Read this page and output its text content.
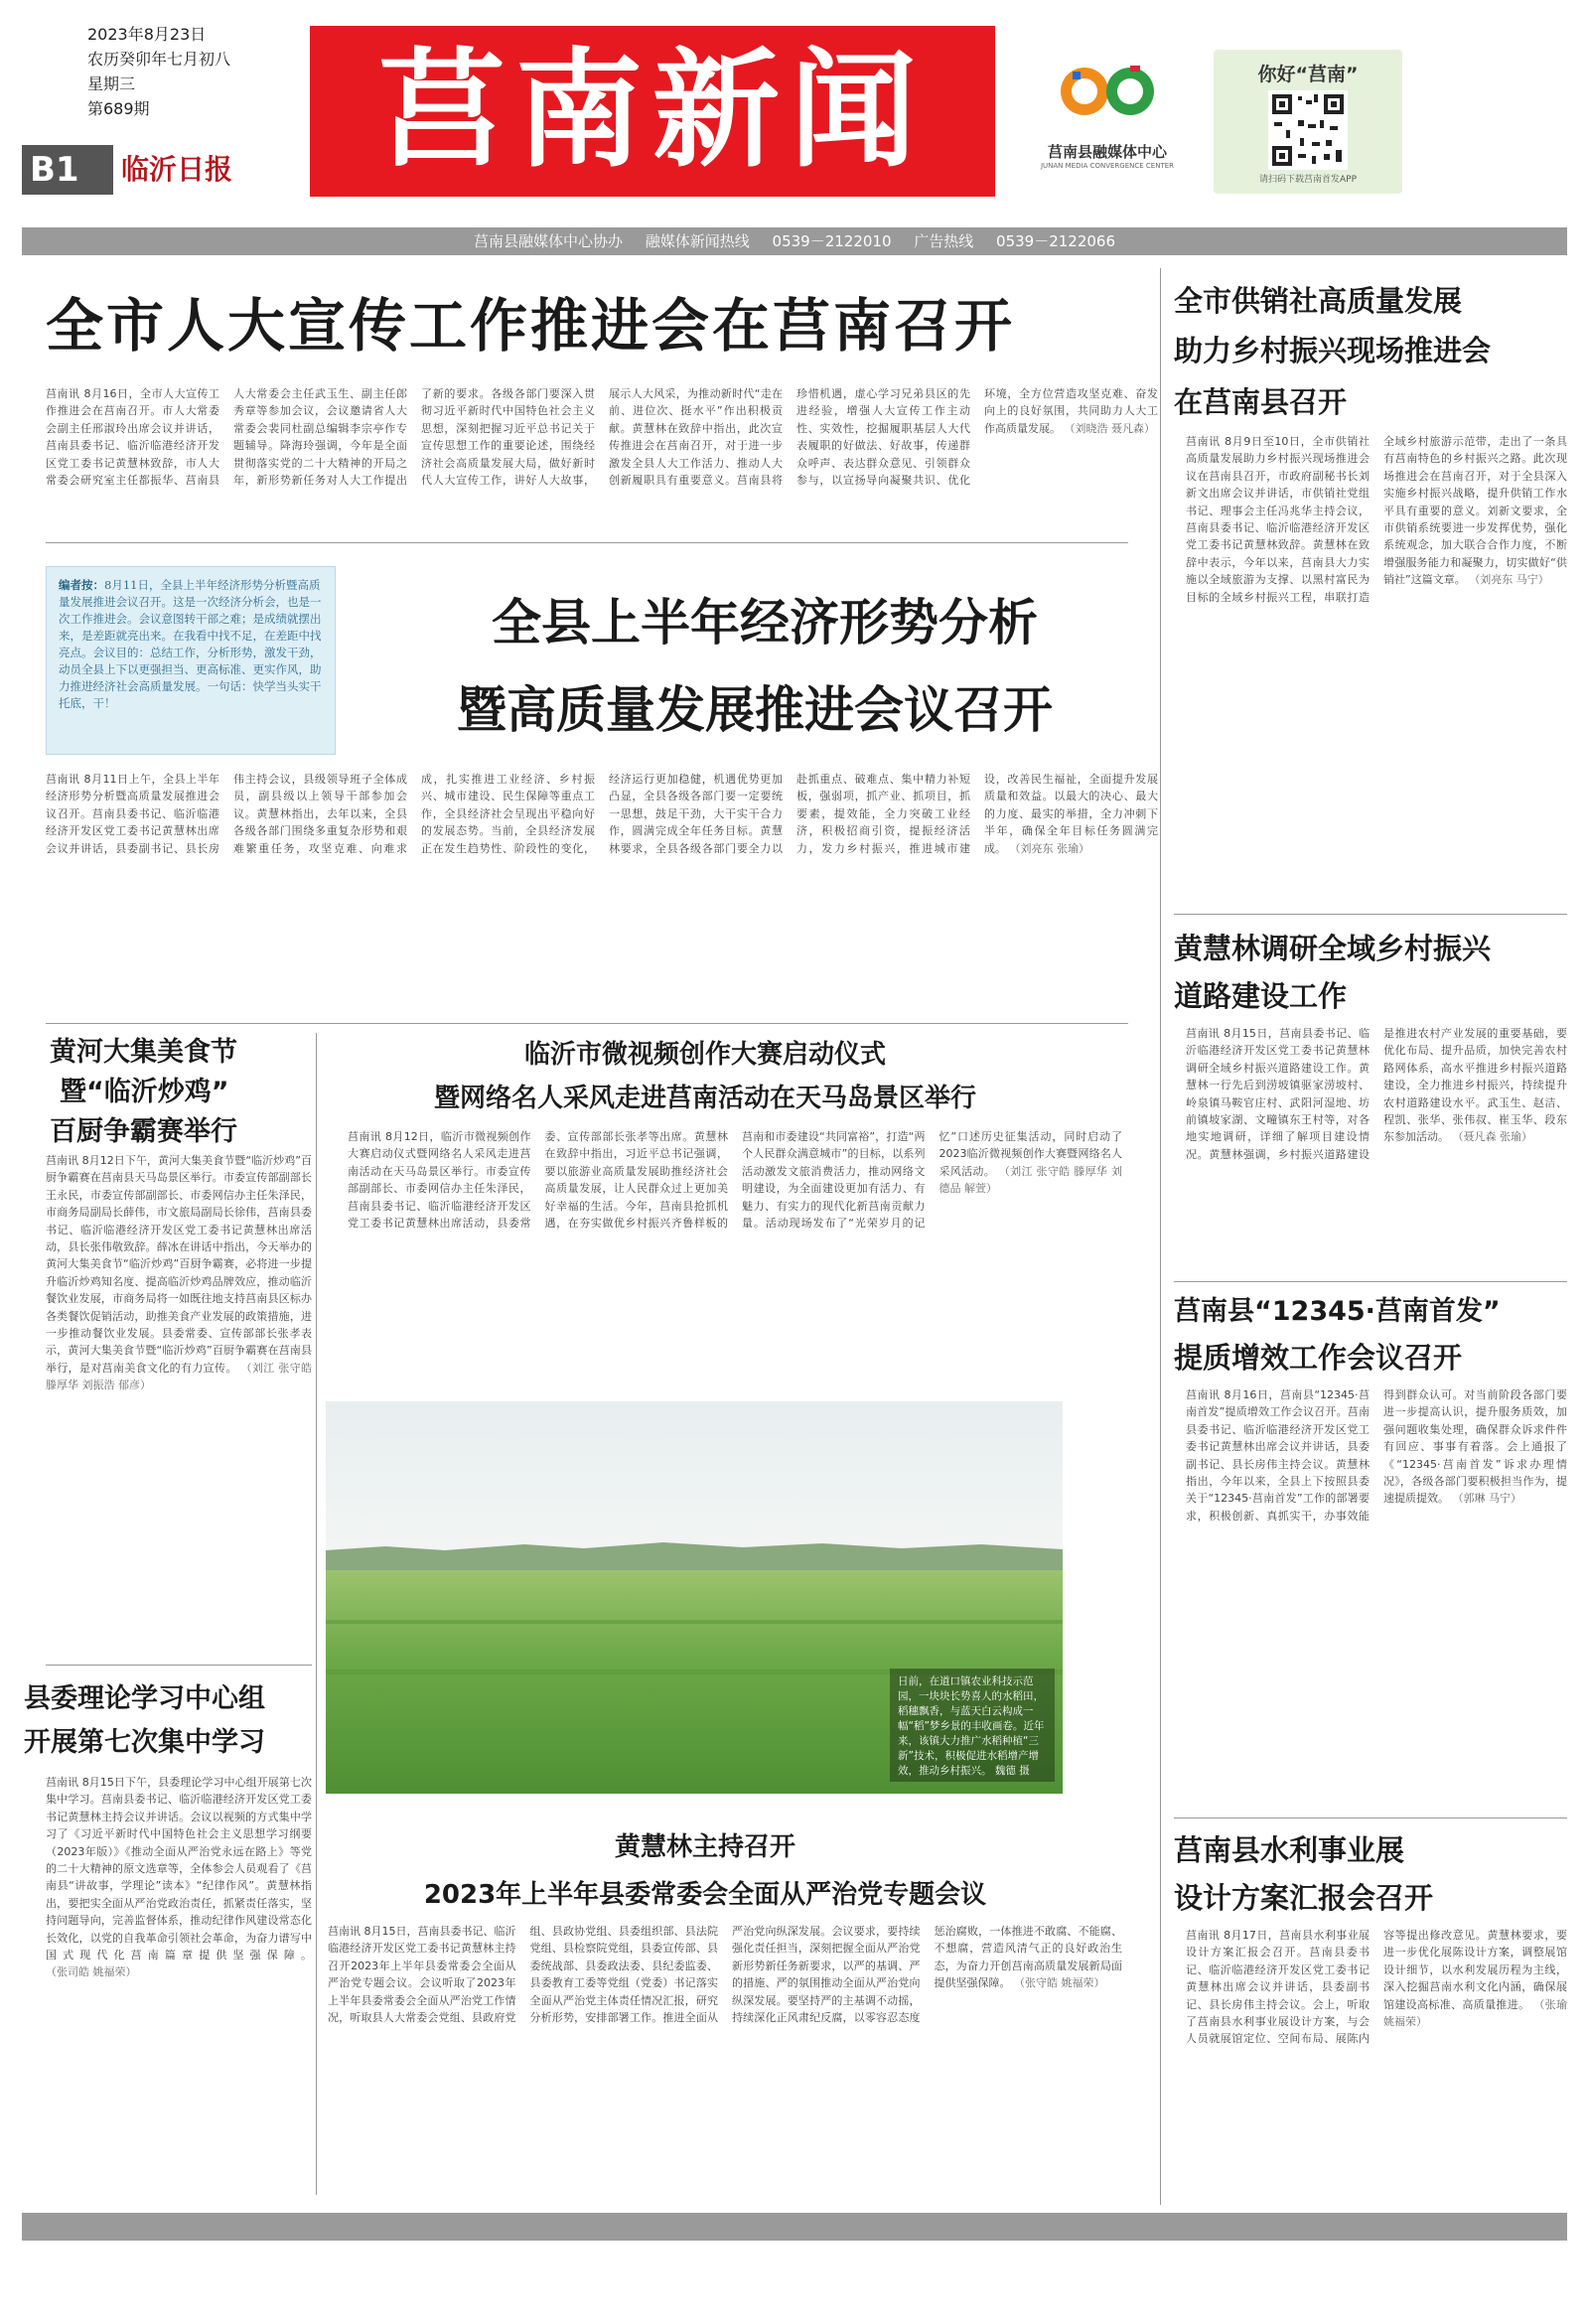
2023年8月23日
农历癸卯年七月初八
星期三
第689期
B1	临沂日报	莒南新闻	莒南县融媒体中心
JUNAN MEDIA CONVERGENCE CENTER
你好“莒南”
请扫码下载莒南首发APP
莒南县融媒体中心协办 融媒体新闻热线 0539－2122010 广告热线 0539－2122066
全市人大宣传工作推进会在莒南召开
莒南讯 8月16日，全市人大宣传工作推进会在莒南召开。市人大常委会副主任邢淑玲出席会议并讲话，莒南县委书记、临沂临港经济开发区党工委书记黄慧林致辞，市人大常委会研究室主任都振华、莒南县人大常委会主任武玉生、副主任郎秀章等参加会议，会议邀请省人大常委会裴同杜副总编辑李宗亭作专题辅导。降海玲强调，今年是全面贯彻落实党的二十大精神的开局之年，新形势新任务对人大工作提出了新的要求。各级各部门要深入贯彻习近平新时代中国特色社会主义思想，深刻把握习近平总书记关于宣传思想工作的重要论述，围绕经济社会高质量发展大局，做好新时代人大宣传工作，讲好人大故事，展示人大风采，为推动新时代“走在前、进位次、挺水平”作出积极贡献。黄慧林在致辞中指出，此次宣传推进会在莒南召开，对于进一步激发全县人大工作活力、推动人大创新履职具有重要意义。莒南县将珍惜机遇，虚心学习兄弟县区的先进经验，增强人大宣传工作主动性、实效性，挖掘履职基层人大代表履职的好做法、好故事，传递群众呼声、表达群众意见、引领群众参与，以宣扬导向凝聚共识、优化环境，全方位营造攻坚克难、奋发向上的良好氛围，共同助力人大工作高质量发展。 （刘晓浩 聂凡森）
编者按：8月11日，全县上半年经济形势分析暨高质量发展推进会议召开。这是一次经济分析会，也是一次工作推进会。会议意图转干部之难；是成绩就摆出来，是差距就亮出来。在我看中找不足，在差距中找亮点。会议目的：总结工作，分析形势，激发干劲，动员全县上下以更强担当、更高标准、更实作风，助力推进经济社会高质量发展。一句话：快学当头实干托底，干！
全县上半年经济形势分析
暨高质量发展推进会议召开
莒南讯 8月11日上午，全县上半年经济形势分析暨高质量发展推进会议召开。莒南县委书记、临沂临港经济开发区党工委书记黄慧林出席会议并讲话，县委副书记、县长房伟主持会议，县级领导班子全体成员，副县级以上领导干部参加会议。黄慧林指出，去年以来，全县各级各部门围绕多重复杂形势和艰难繁重任务，攻坚克难、向难求成，扎实推进工业经济、乡村振兴、城市建设、民生保障等重点工作，全县经济社会呈现出平稳向好的发展态势。当前，全县经济发展正在发生趋势性、阶段性的变化，经济运行更加稳健，机遇优势更加凸显，全县各级各部门要一定要统一思想，鼓足干劲，大干实干合力作，圆满完成全年任务目标。黄慧林要求，全县各级各部门要全力以赴抓重点、破难点、集中精力补短板，强弱项，抓产业、抓项目，抓要素，提效能，全力突破工业经济，积极招商引资，提振经济活力，发力乡村振兴，推进城市建设，改善民生福祉，全面提升发展质量和效益。以最大的决心、最大的力度、最实的举措，全力冲刺下半年，确保全年目标任务圆满完成。 （刘亮东 张瑜）
黄河大集美食节
暨“临沂炒鸡”
百厨争霸赛举行
莒南讯 8月12日下午，黄河大集美食节暨“临沂炒鸡”百厨争霸赛在莒南县天马岛景区举行。市委宣传部副部长王永民，市委宣传部副部长、市委网信办主任朱泽民，市商务局副局长薛伟，市文旅局副局长徐伟，莒南县委书记、临沂临港经济开发区党工委书记黄慧林出席活动，县长张伟敬致辞。薛冰在讲话中指出，今天举办的黄河大集美食节“临沂炒鸡”百厨争霸赛，必将进一步提升临沂炒鸡知名度、提高临沂炒鸡品牌效应，推动临沂餐饮业发展，市商务局将一如既往地支持莒南县区标办各类餐饮促销活动，助推美食产业发展的政策措施，进一步推动餐饮业发展。县委常委、宣传部部长张孝表示，黄河大集美食节暨“临沂炒鸡”百厨争霸赛在莒南县举行，是对莒南美食文化的有力宣传。 （刘江 张守皓 滕厚华 刘振浩 郁彦）
临沂市微视频创作大赛启动仪式
暨网络名人采风走进莒南活动在天马岛景区举行
莒南讯 8月12日，临沂市微视频创作大赛启动仪式暨网络名人采风走进莒南活动在天马岛景区举行。市委宣传部副部长、市委网信办主任朱泽民，莒南县委书记、临沂临港经济开发区党工委书记黄慧林出席活动，县委常委、宣传部部长张孝等出席。黄慧林在致辞中指出，习近平总书记强调，要以旅游业高质量发展助推经济社会高质量发展，让人民群众过上更加美好幸福的生活。今年，莒南县抢抓机遇，在夯实做优乡村振兴齐鲁样板的莒南和市委建设“共同富裕”，打造“两个人民群众满意城市”的目标，以系列活动激发文旅消费活力，推动网络文明建设，为全面建设更加有活力、有魅力、有实力的现代化新莒南贡献力量。活动现场发布了“光荣岁月的记忆”口述历史征集活动，同时启动了2023临沂微视频创作大赛暨网络名人采风活动。 （刘江 张守皓 滕厚华 刘德品 解萱）
日前，在道口镇农业科技示范园，一块块长势喜人的水稻田，稻穗飘香，与蓝天白云构成一幅“稻”梦乡景的丰收画卷。近年来，该镇大力推广水稻种植“三新”技术，积极促进水稻增产增效，推动乡村振兴。 魏德 摄
县委理论学习中心组
开展第七次集中学习
莒南讯 8月15日下午，县委理论学习中心组开展第七次集中学习。莒南县委书记、临沂临港经济开发区党工委书记黄慧林主持会议并讲话。会议以视频的方式集中学习了《习近平新时代中国特色社会主义思想学习纲要（2023年版）》《推动全面从严治党永远在路上》等党的二十大精神的原文选章等，全体参会人员观看了《莒南县“讲故事，学理论”读本》“纪律作风”。黄慧林指出，要把实全面从严治党政治责任，抓紧责任落实，坚持问题导向，完善监督体系，推动纪律作风建设常态化长效化，以党的自我革命引领社会革命，为奋力谱写中国式现代化莒南篇章提供坚强保障。 （张司皓 姚福荣）
黄慧林主持召开
2023年上半年县委常委会全面从严治党专题会议
莒南讯 8月15日，莒南县委书记、临沂临港经济开发区党工委书记黄慧林主持召开2023年上半年县委常委会全面从严治党专题会议。会议听取了2023年上半年县委常委会全面从严治党工作情况，听取县人大常委会党组、县政府党组、县政协党组、县委组织部、县法院党组、县检察院党组，县委宣传部、县委统战部、县委政法委、县纪委监委、县委教育工委等党组（党委）书记落实全面从严治党主体责任情况汇报，研究分析形势，安排部署工作。推进全面从严治党向纵深发展。会议要求，要持续强化责任担当，深刻把握全面从严治党新形势新任务新要求，以严的基调、严的措施、严的氛围推动全面从严治党向纵深发展。要坚持严的主基调不动摇，持续深化正风肃纪反腐，以零容忍态度惩治腐败，一体推进不敢腐、不能腐、不想腐，营造风清气正的良好政治生态，为奋力开创莒南高质量发展新局面提供坚强保障。 （张守皓 姚福荣）
全市供销社高质量发展
助力乡村振兴现场推进会
在莒南县召开
莒南讯 8月9日至10日，全市供销社高质量发展助力乡村振兴现场推进会议在莒南县召开，市政府副秘书长刘新文出席会议并讲话，市供销社党组书记、理事会主任冯兆华主持会议，莒南县委书记、临沂临港经济开发区党工委书记黄慧林致辞。黄慧林在致辞中表示，今年以来，莒南县大力实施以全域旅游为支撑、以黑村富民为目标的全域乡村振兴工程，串联打造全域乡村旅游示范带，走出了一条具有莒南特色的乡村振兴之路。此次现场推进会在莒南召开，对于全县深入实施乡村振兴战略，提升供销工作水平具有重要的意义。刘新文要求，全市供销系统要进一步发挥优势，强化系统观念，加大联合合作力度，不断增强服务能力和凝聚力，切实做好“供销社”这篇文章。 （刘亮东 马宁）
黄慧林调研全域乡村振兴
道路建设工作
莒南讯 8月15日，莒南县委书记、临沂临港经济开发区党工委书记黄慧林调研全域乡村振兴道路建设工作。黄慧林一行先后到涝坡镇驱家涝坡村、岭泉镇马鞍官庄村、武阳河湿地、坊前镇坡家湖、文疃镇东王村等，对各地实地调研，详细了解项目建设情况。黄慧林强调，乡村振兴道路建设是推进农村产业发展的重要基础，要优化布局、提升品质，加快完善农村路网体系，高水平推进乡村振兴道路建设，全力推进乡村振兴，持续提升农村道路建设水平。武玉生、赵洁、程凯、张华、张伟叔、崔玉华、段东东参加活动。 （聂凡森 张瑜）
莒南县“12345·莒南首发”
提质增效工作会议召开
莒南讯 8月16日，莒南县“12345·莒南首发”提质增效工作会议召开。莒南县委书记、临沂临港经济开发区党工委书记黄慧林出席会议并讲话，县委副书记、县长房伟主持会议。黄慧林指出，今年以来，全县上下按照县委关于“12345·莒南首发”工作的部署要求，积极创新、真抓实干，办事效能得到群众认可。对当前阶段各部门要进一步提高认识，提升服务质效，加强问题收集处理，确保群众诉求件件有回应、事事有着落。会上通报了《“12345·莒南首发”诉求办理情况》，各级各部门要积极担当作为，提速提质提效。 （郭琳 马宁）
莒南县水利事业展
设计方案汇报会召开
莒南讯 8月17日，莒南县水利事业展设计方案汇报会召开。莒南县委书记、临沂临港经济开发区党工委书记黄慧林出席会议并讲话，县委副书记、县长房伟主持会议。会上，听取了莒南县水利事业展设计方案，与会人员就展馆定位、空间布局、展陈内容等提出修改意见。黄慧林要求，要进一步优化展陈设计方案，调整展馆设计细节，以水利发展历程为主线，深入挖掘莒南水利文化内涵，确保展馆建设高标准、高质量推进。 （张瑜 姚福荣）

□《临沂日报·莒南新闻》编辑部地址：莒南县城人民路21号（莒南县融媒体中心）

□本刊责编：张松波  商永利

□责任编辑：全野  韦树芹  商永利
